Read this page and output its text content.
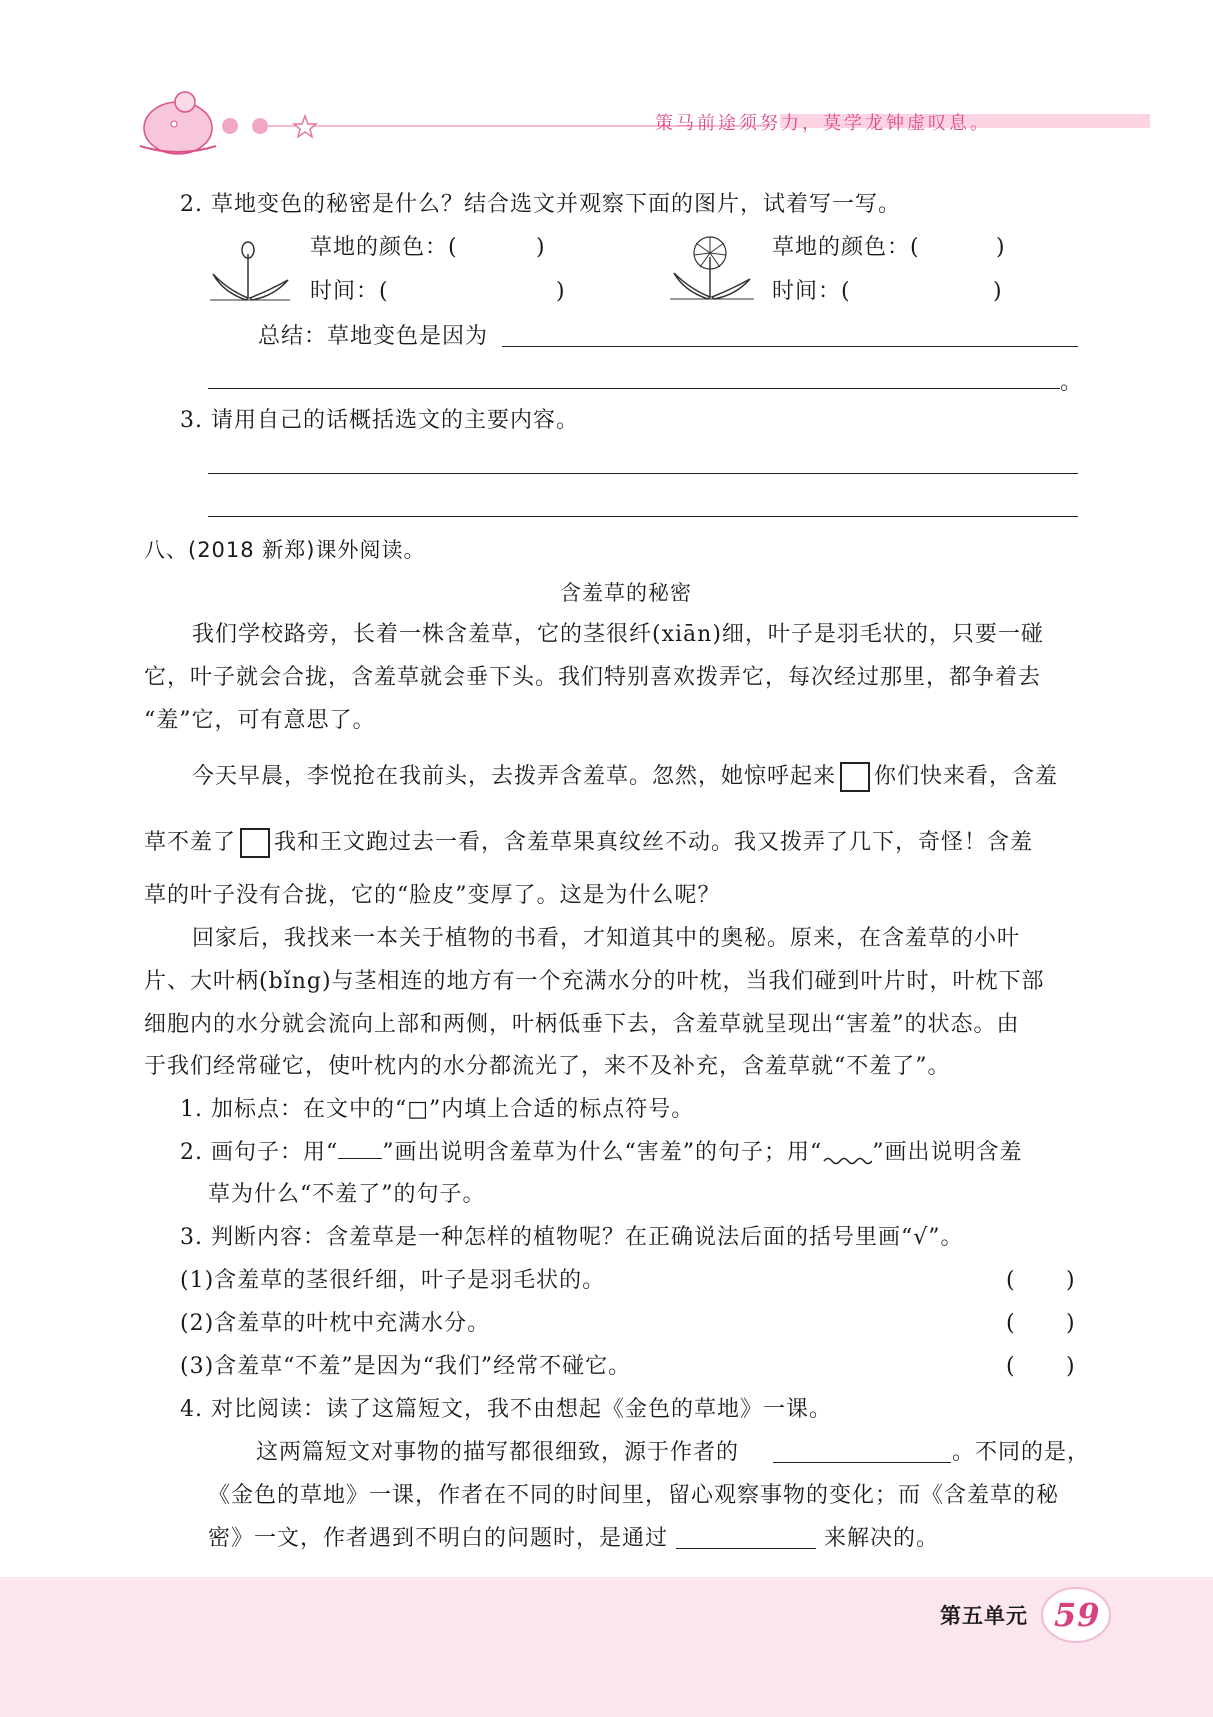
策马前途须努力，莫学龙钟虚叹息。
2. 草地变色的秘密是什么？结合选文并观察下面的图片，试着写一写。
草地的颜色：(	)
时间：(	)
草地的颜色：(	)
时间：(	)
总结：草地变色是因为
。
3. 请用自己的话概括选文的主要内容。
八、(2018 新郑)课外阅读。
含羞草的秘密
我们学校路旁，长着一株含羞草，它的茎很纤(xiān)细，叶子是羽毛状的，只要一碰
它，叶子就会合拢，含羞草就会垂下头。我们特别喜欢拨弄它，每次经过那里，都争着去
“羞”它，可有意思了。
今天早晨，李悦抢在我前头，去拨弄含羞草。忽然，她惊呼起来 你们快来看，含羞
草不羞了 我和王文跑过去一看，含羞草果真纹丝不动。我又拨弄了几下，奇怪！含羞
草的叶子没有合拢，它的“脸皮”变厚了。这是为什么呢？
回家后，我找来一本关于植物的书看，才知道其中的奥秘。原来，在含羞草的小叶
片、大叶柄(bǐng)与茎相连的地方有一个充满水分的叶枕，当我们碰到叶片时，叶枕下部
细胞内的水分就会流向上部和两侧，叶柄低垂下去，含羞草就呈现出“害羞”的状态。由
于我们经常碰它，使叶枕内的水分都流光了，来不及补充，含羞草就“不羞了”。
1. 加标点：在文中的“□”内填上合适的标点符号。
2. 画句子：用“ ”画出说明含羞草为什么“害羞”的句子；用“ ”画出说明含羞
草为什么“不羞了”的句子。
3. 判断内容：含羞草是一种怎样的植物呢？在正确说法后面的括号里画“√”。
(1)含羞草的茎很纤细，叶子是羽毛状的。	( )
(2)含羞草的叶枕中充满水分。	( )
(3)含羞草“不羞”是因为“我们”经常不碰它。	( )
4. 对比阅读：读了这篇短文，我不由想起《金色的草地》一课。
这两篇短文对事物的描写都很细致，源于作者的	。不同的是，
《金色的草地》一课，作者在不同的时间里，留心观察事物的变化；而《含羞草的秘
密》一文，作者遇到不明白的问题时，是通过	来解决的。
第五单元 59
